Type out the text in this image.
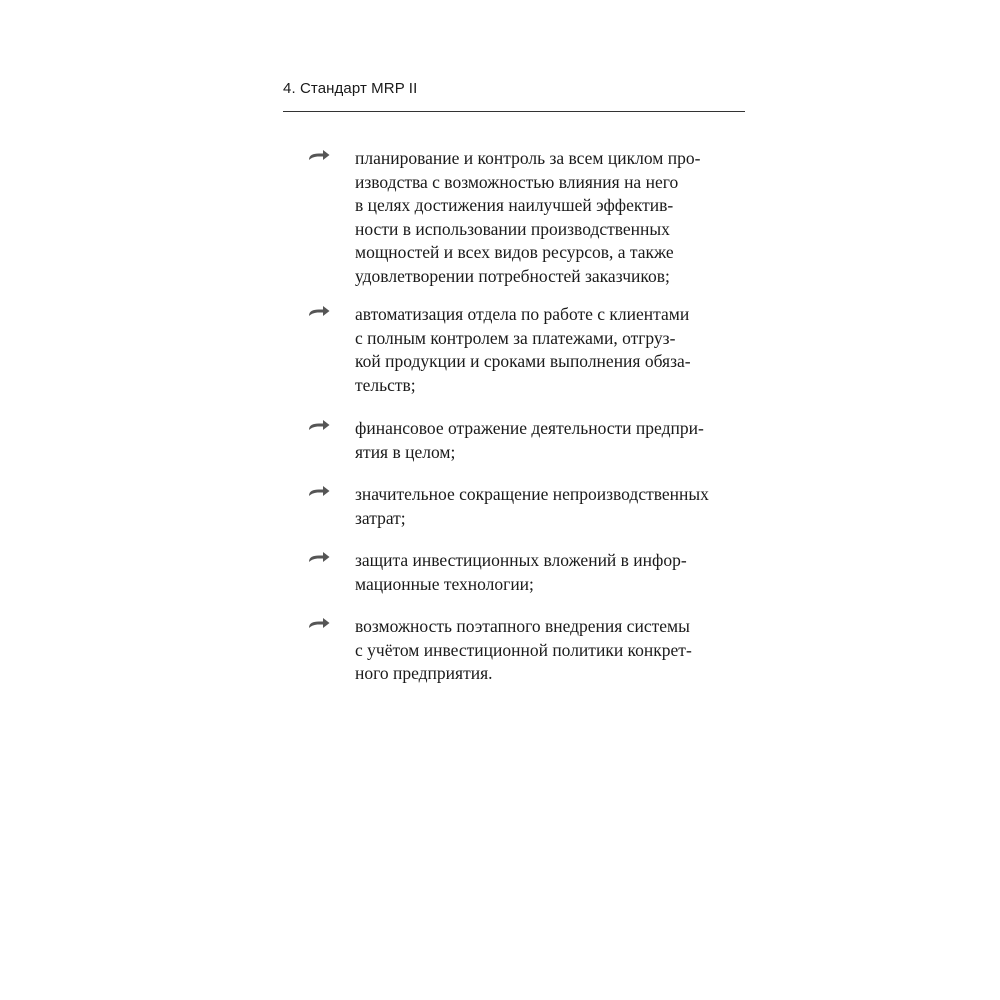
4. Стандарт MRP II

планирование и контроль за всем циклом про-
изводства с возможностью влияния на него
в целях достижения наилучшей эффектив-
ности в использовании производственных
мощностей и всех видов ресурсов, а также
удовлетворении потребностей заказчиков;

автоматизация отдела по работе с клиентами
с полным контролем за платежами, отгруз-
кой продукции и сроками выполнения обяза-
тельств;

финансовое отражение деятельности предпри-
ятия в целом;

значительное сокращение непроизводственных
затрат;

защита инвестиционных вложений в инфор-
мационные технологии;

возможность поэтапного внедрения системы
с учётом инвестиционной политики конкрет-
ного предприятия.
